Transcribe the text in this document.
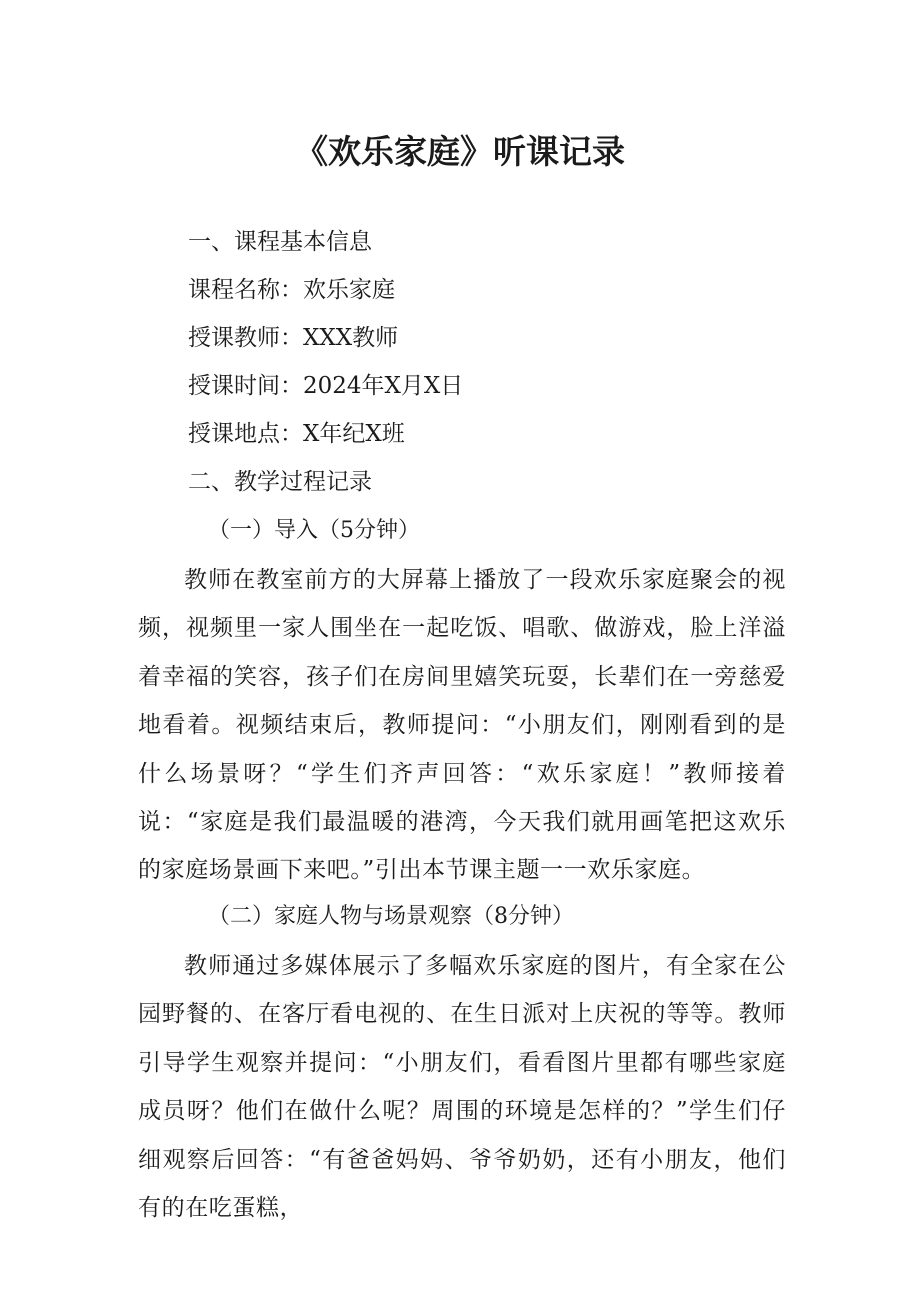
《欢乐家庭》听课记录

一、课程基本信息

课程名称：欢乐家庭

授课教师：XXX教师

授课时间：2024年X月X日

授课地点：X年纪X班

二、教学过程记录

（一）导入（5分钟）

教师在教室前方的大屏幕上播放了一段欢乐家庭聚会的视频，视频里一家人围坐在一起吃饭、唱歌、做游戏，脸上洋溢着幸福的笑容，孩子们在房间里嬉笑玩耍，长辈们在一旁慈爱地看着。视频结束后，教师提问：“小朋友们，刚刚看到的是什么场景呀？“学生们齐声回答：“欢乐家庭！”教师接着说：“家庭是我们最温暖的港湾，今天我们就用画笔把这欢乐的家庭场景画下来吧。”引出本节课主题一一欢乐家庭。

（二）家庭人物与场景观察（8分钟）

教师通过多媒体展示了多幅欢乐家庭的图片，有全家在公园野餐的、在客厅看电视的、在生日派对上庆祝的等等。教师引导学生观察并提问：“小朋友们，看看图片里都有哪些家庭成员呀？他们在做什么呢？周围的环境是怎样的？”学生们仔细观察后回答：“有爸爸妈妈、爷爷奶奶，还有小朋友，他们有的在吃蛋糕，
